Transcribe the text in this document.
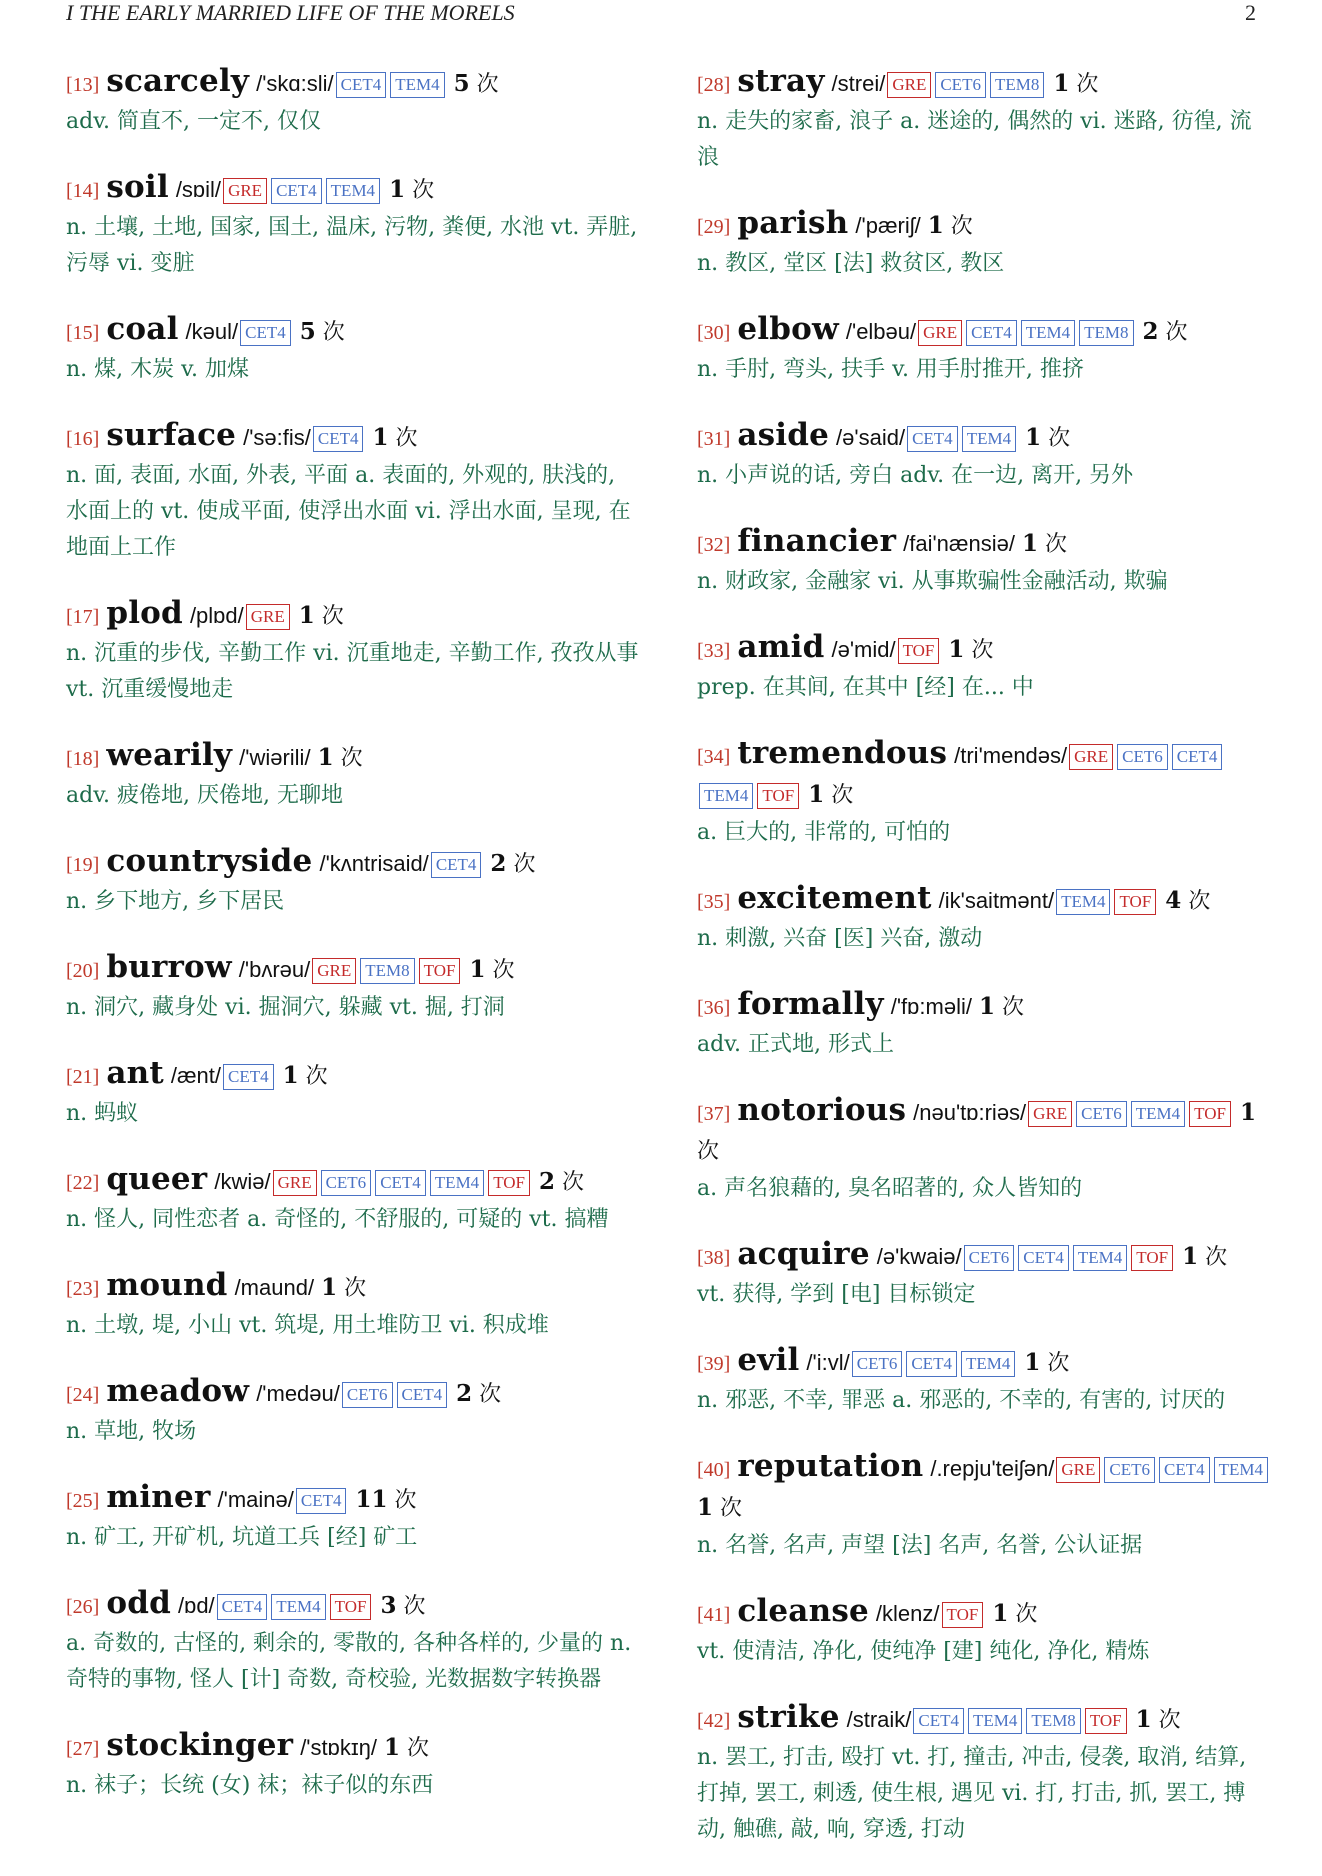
I THE EARLY MARRIED LIFE OF THE MORELS	2
[13] scarcely /'skɑ:sli/ CET4 TEM4 5 次
adv. 简直不, 一定不, 仅仅
[14] soil /sɒil/ GRE CET4 TEM4 1 次
n. 土壤, 土地, 国家, 国土, 温床, 污物, 粪便, 水池 vt. 弄脏, 污辱 vi. 变脏
[15] coal /kəul/ CET4 5 次
n. 煤, 木炭 v. 加煤
[16] surface /'sə:fis/ CET4 1 次
n. 面, 表面, 水面, 外表, 平面 a. 表面的, 外观的, 肤浅的, 水面上的 vt. 使成平面, 使浮出水面 vi. 浮出水面, 呈现, 在地面上工作
[17] plod /plɒd/ GRE 1 次
n. 沉重的步伐, 辛勤工作 vi. 沉重地走, 辛勤工作, 孜孜从事 vt. 沉重缓慢地走
[18] wearily /'wiərili/ 1 次
adv. 疲倦地, 厌倦地, 无聊地
[19] countryside /'kʌntrisaid/ CET4 2 次
n. 乡下地方, 乡下居民
[20] burrow /'bʌrəu/ GRE TEM8 TOF 1 次
n. 洞穴, 藏身处 vi. 掘洞穴, 躲藏 vt. 掘, 打洞
[21] ant /ænt/ CET4 1 次
n. 蚂蚁
[22] queer /kwiə/ GRE CET6 CET4 TEM4 TOF 2 次
n. 怪人, 同性恋者 a. 奇怪的, 不舒服的, 可疑的 vt. 搞糟
[23] mound /maund/ 1 次
n. 土墩, 堤, 小山 vt. 筑堤, 用土堆防卫 vi. 积成堆
[24] meadow /'medəu/ CET6 CET4 2 次
n. 草地, 牧场
[25] miner /'mainə/ CET4 11 次
n. 矿工, 开矿机, 坑道工兵 [经] 矿工
[26] odd /ɒd/ CET4 TEM4 TOF 3 次
a. 奇数的, 古怪的, 剩余的, 零散的, 各种各样的, 少量的 n. 奇特的事物, 怪人 [计] 奇数, 奇校验, 光数据数字转换器
[27] stockinger /'stɒkɪŋ/ 1 次
n. 袜子；长统 (女) 袜；袜子似的东西
[28] stray /strei/ GRE CET6 TEM8 1 次
n. 走失的家畜, 浪子 a. 迷途的, 偶然的 vi. 迷路, 彷徨, 流浪
[29] parish /'pæriʃ/ 1 次
n. 教区, 堂区 [法] 救贫区, 教区
[30] elbow /'elbəu/ GRE CET4 TEM4 TEM8 2 次
n. 手肘, 弯头, 扶手 v. 用手肘推开, 推挤
[31] aside /ə'said/ CET4 TEM4 1 次
n. 小声说的话, 旁白 adv. 在一边, 离开, 另外
[32] financier /fai'nænsiə/ 1 次
n. 财政家, 金融家 vi. 从事欺骗性金融活动, 欺骗
[33] amid /ə'mid/ TOF 1 次
prep. 在其间, 在其中 [经] 在... 中
[34] tremendous /tri'mendəs/ GRE CET6 CET4TEM4 TOF 1 次
a. 巨大的, 非常的, 可怕的
[35] excitement /ik'saitmənt/ TEM4 TOF 4 次
n. 刺激, 兴奋 [医] 兴奋, 激动
[36] formally /'fɒ:məli/ 1 次
adv. 正式地, 形式上
[37] notorious /nəu'tɒ:riəs/ GRE CET6 TEM4 TOF 1 次
a. 声名狼藉的, 臭名昭著的, 众人皆知的
[38] acquire /ə'kwaiə/ CET6 CET4 TEM4 TOF 1 次
vt. 获得, 学到 [电] 目标锁定
[39] evil /'i:vl/ CET6 CET4 TEM4 1 次
n. 邪恶, 不幸, 罪恶 a. 邪恶的, 不幸的, 有害的, 讨厌的
[40] reputation /.repju'teiʃən/ GRE CET6 CET4 TEM4 1 次
n. 名誉, 名声, 声望 [法] 名声, 名誉, 公认证据
[41] cleanse /klenz/ TOF 1 次
vt. 使清洁, 净化, 使纯净 [建] 纯化, 净化, 精炼
[42] strike /straik/ CET4 TEM4 TEM8 TOF 1 次
n. 罢工, 打击, 殴打 vt. 打, 撞击, 冲击, 侵袭, 取消, 结算, 打掉, 罢工, 刺透, 使生根, 遇见 vi. 打, 打击, 抓, 罢工, 搏动, 触礁, 敲, 响, 穿透, 打动
